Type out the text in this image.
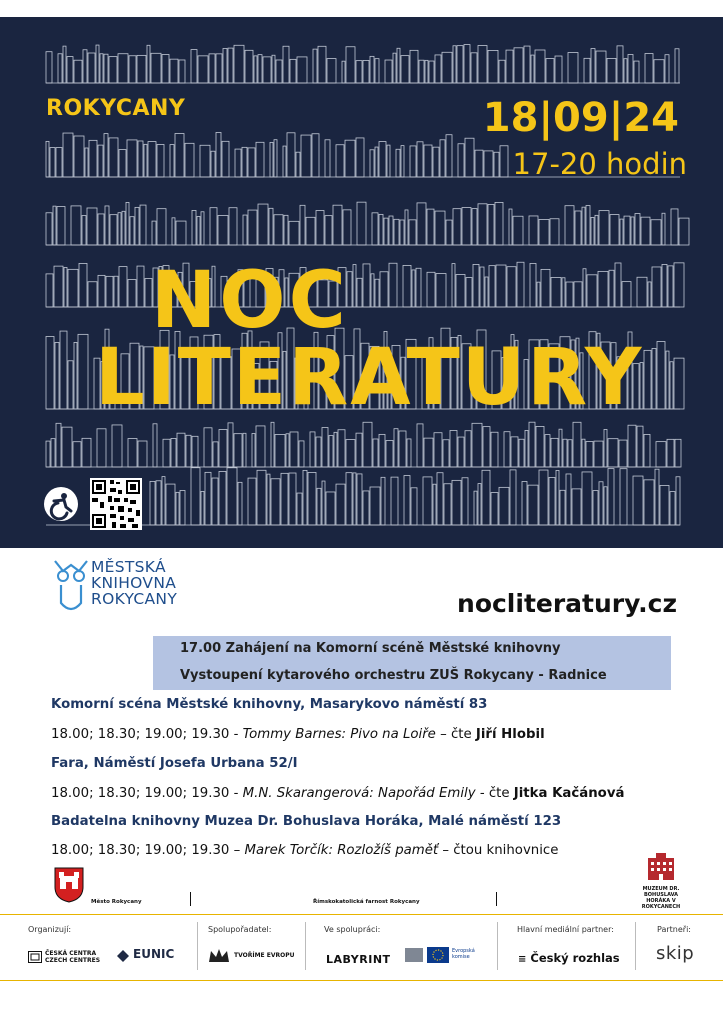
ROKYCANY	18|09|24
17-20 hodin
NOC
LITERATURY
MĚSTSKÁ
KNIHOVNA
ROKYCANY	nocliteratury.cz
17.00 Zahájení na Komorní scéně Městské knihovny
Vystoupení kytarového orchestru ZUŠ Rokycany - Radnice
Komorní scéna Městské knihovny, Masarykovo náměstí 83
18.00; 18.30; 19.00; 19.30 - Tommy Barnes: Pivo na Loiře – čte Jiří Hlobil
Fara, Náměstí Josefa Urbana 52/I
18.00; 18.30; 19.00; 19.30 - M.N. Skarangerová: Napořád Emily - čte Jitka Kačánová
Badatelna knihovny Muzea Dr. Bohuslava Horáka, Malé náměstí 123
18.00; 18.30; 19.00; 19.30 – Marek Torčík: Rozložíš paměť – čtou knihovnice
Město Rokycany	Římskokatolická farnost Rokycany
MUZEUM DR. BOHUSLAVA HORÁKA V ROKYCANECH
Organizují:	Spolupořadatel:	Ve spolupráci:	Hlavní mediální partner:	Partneři:
ČESKÁ CENTRA CZECH CENTRES	EUNIC	TVOŘÍME EVROPU	LABYRINT
Evropská komise	≡ Český rozhlas skip
